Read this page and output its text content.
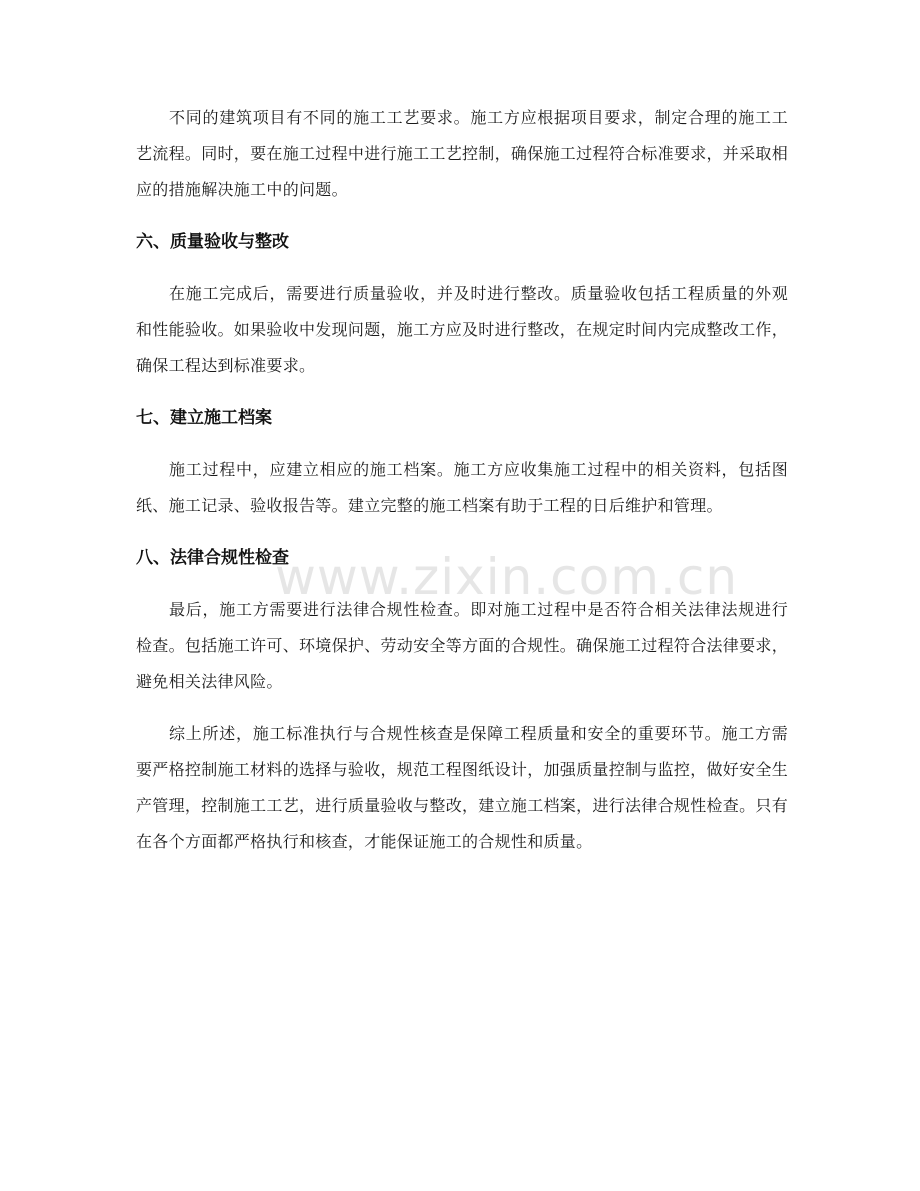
不同的建筑项目有不同的施工工艺要求。施工方应根据项目要求，制定合理的施工工艺流程。同时，要在施工过程中进行施工工艺控制，确保施工过程符合标准要求，并采取相应的措施解决施工中的问题。

六、质量验收与整改

在施工完成后，需要进行质量验收，并及时进行整改。质量验收包括工程质量的外观和性能验收。如果验收中发现问题，施工方应及时进行整改，在规定时间内完成整改工作，确保工程达到标准要求。

七、建立施工档案

施工过程中，应建立相应的施工档案。施工方应收集施工过程中的相关资料，包括图纸、施工记录、验收报告等。建立完整的施工档案有助于工程的日后维护和管理。

八、法律合规性检查

最后，施工方需要进行法律合规性检查。即对施工过程中是否符合相关法律法规进行检查。包括施工许可、环境保护、劳动安全等方面的合规性。确保施工过程符合法律要求，避免相关法律风险。

综上所述，施工标准执行与合规性核查是保障工程质量和安全的重要环节。施工方需要严格控制施工材料的选择与验收，规范工程图纸设计，加强质量控制与监控，做好安全生产管理，控制施工工艺，进行质量验收与整改，建立施工档案，进行法律合规性检查。只有在各个方面都严格执行和核查，才能保证施工的合规性和质量。

www.zixin.com.cn
